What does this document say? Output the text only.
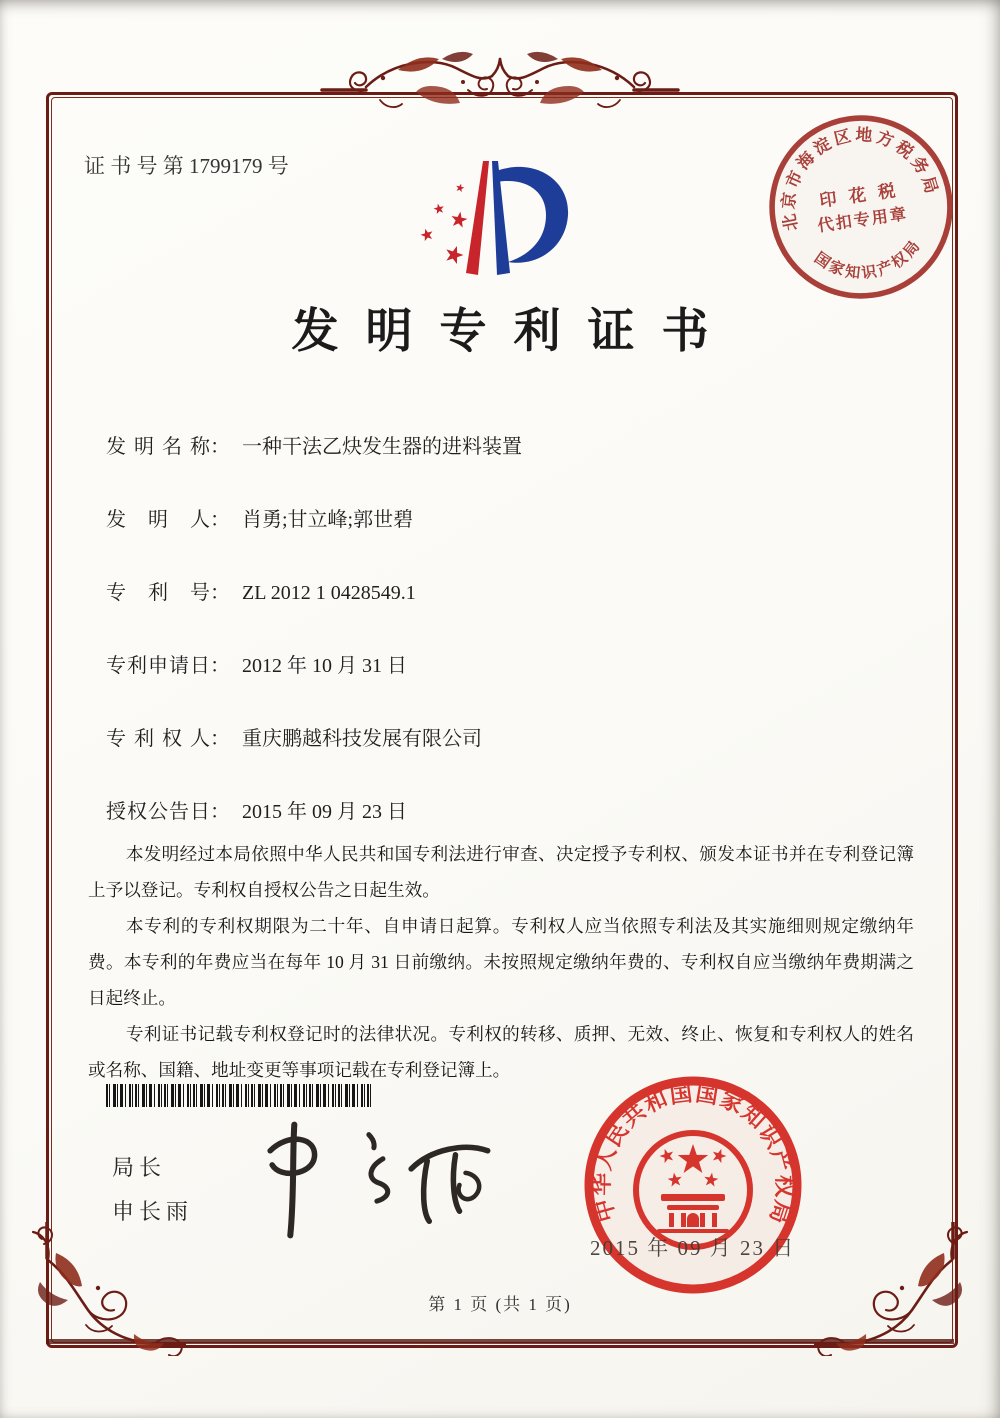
证 书 号 第 1799179 号
北京市海淀区地方税务局
国家知识产权局
印 花 税
代扣专用章
发明专利证书
发明名称： 一种干法乙炔发生器的进料装置
发明人： 肖勇;甘立峰;郭世碧
专利号： ZL 2012 1 0428549.1
专利申请日： 2012 年 10 月 31 日
专利权人： 重庆鹏越科技发展有限公司
授权公告日： 2015 年 09 月 23 日

本发明经过本局依照中华人民共和国专利法进行审查、决定授予专利权、颁发本证书并在专利登记簿上予以登记。专利权自授权公告之日起生效。

本专利的专利权期限为二十年、自申请日起算。专利权人应当依照专利法及其实施细则规定缴纳年费。本专利的年费应当在每年 10 月 31 日前缴纳。未按照规定缴纳年费的、专利权自应当缴纳年费期满之日起终止。

专利证书记载专利权登记时的法律状况。专利权的转移、质押、无效、终止、恢复和专利权人的姓名或名称、国籍、地址变更等事项记载在专利登记簿上。

局长
申长雨	中华人民共和国国家知识产权局
2015 年 09 月 23 日
第 1 页 (共 1 页)
